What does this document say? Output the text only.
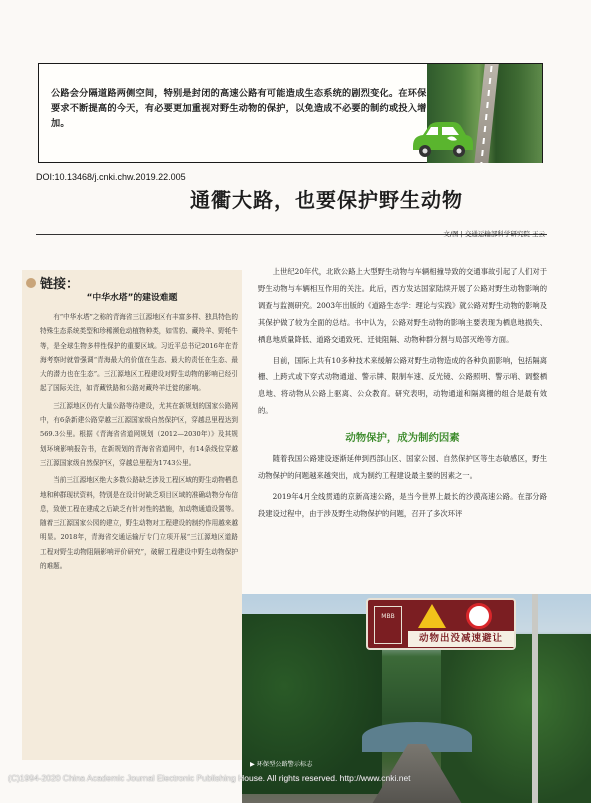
公路会分隔道路两侧空间，特别是封闭的高速公路有可能造成生态系统的剧烈变化。在环保要求不断提高的今天，有必要更加重视对野生动物的保护，以免造成不必要的制约或投入增加。
DOI:10.13468/j.cnki.chw.2019.22.005
通衢大路，也要保护野生动物
文/图 | 交通运输部科学研究院 王云
链接：
“中华水塔”的建设难题

有“中华水塔”之称的青海省三江源地区有丰富多样、独具特色的特殊生态系统类型和珍稀濒危动植物种类，如雪豹、藏羚羊、野牦牛等，是全球生物多样性保护的重要区域。习近平总书记2016年在青海考察时就曾强调“青海最大的价值在生态、最大的责任在生态、最大的潜力也在生态”。三江源地区工程建设对野生动物的影响已经引起了国际关注，如青藏铁路和公路对藏羚羊迁徙的影响。

三江源地区仍有大量公路等待建设，尤其在新规划的国家公路网中，有6条新建公路穿越三江源国家级自然保护区，穿越总里程达到569.3公里。根据《青海省省道网规划（2012—2030年）》及其规划环境影响报告书，在新规划的青海省省道网中，有14条线位穿越三江源国家级自然保护区，穿越总里程为1743公里。

当前三江源地区绝大多数公路缺乏涉及工程区域的野生动物栖息地和种群现状资料，特别是在设计时缺乏项目区域的准确动物分布信息，致使工程在建成之后缺乏有针对性的措施，加动物通道设置等。随着三江源国家公园的建立，野生动物对工程建设的制约作用越来越明显。2018年，青海省交通运输厅专门立项开展“三江源地区道路工程对野生动物阻隔影响评价研究”，破解工程建设中野生动物保护的难题。

上世纪20年代，北欧公路上大型野生动物与车辆相撞导致的交通事故引起了人们对于野生动物与车辆相互作用的关注。此后，西方发达国家陆续开展了公路对野生动物影响的调查与监测研究。2003年出版的《道路生态学：理论与实践》就公路对野生动物的影响及其保护做了较为全面的总结。书中认为，公路对野生动物的影响主要表现为栖息地损失、栖息地质量降低、道路交通致死、迁徙阻隔、动物种群分割与局部灭绝等方面。

目前，国际上共有10多种技术来缓解公路对野生动物造成的各种负面影响，包括隔离栅、上跨式或下穿式动物通道、警示牌、限制车速、反光镜、公路照明、警示哨、调整栖息地、将动物从公路上驱离、公众教育。研究表明，动物通道和隔离栅的组合是最有效的。

动物保护，成为制约因素

随着我国公路建设逐渐延伸到西部山区、国家公园、自然保护区等生态敏感区，野生动物保护的问题越来越突出，成为制约工程建设最主要的因素之一。

2019年4月全线贯通的京新高速公路，是当今世界上最长的沙漠高速公路。在部分路段建设过程中，由于涉及野生动物保护的问题，召开了多次环评

MBB
动物出没减速避让
▶ 环保型公路警示标志
(C)1994-2020 China Academic Journal Electronic Publishing House. All rights reserved. http://www.cnki.net
